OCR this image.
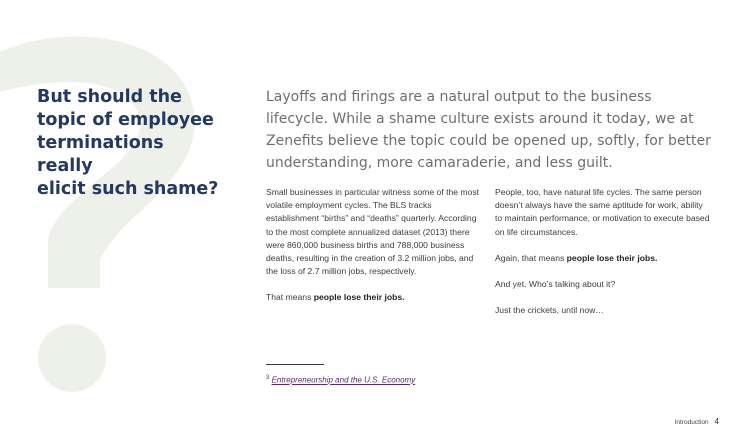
But should the
topic of employee
terminations really
elicit such shame?

Layoffs and firings are a natural output to the business lifecycle. While a shame culture exists around it today, we at Zenefits believe the topic could be opened up, softly, for better understanding, more camaraderie, and less guilt.

Small businesses in particular witness some of the most volatile employment cycles. The BLS tracks establishment “births” and “deaths” quarterly. According to the most complete annualized dataset (2013) there were 860,000 business births and 788,000 business deaths, resulting in the creation of 3.2 million jobs, and the loss of 2.7 million jobs, respectively.

That means people lose their jobs.

People, too, have natural life cycles. The same person doesn’t always have the same aptitude for work, ability to maintain performance, or motivation to execute based on life circumstances.

Again, that means people lose their jobs.

And yet. Who’s talking about it?

Just the crickets, until now…

$^3$ Entrepreneurship and the U.S. Economy
Introduction 4
